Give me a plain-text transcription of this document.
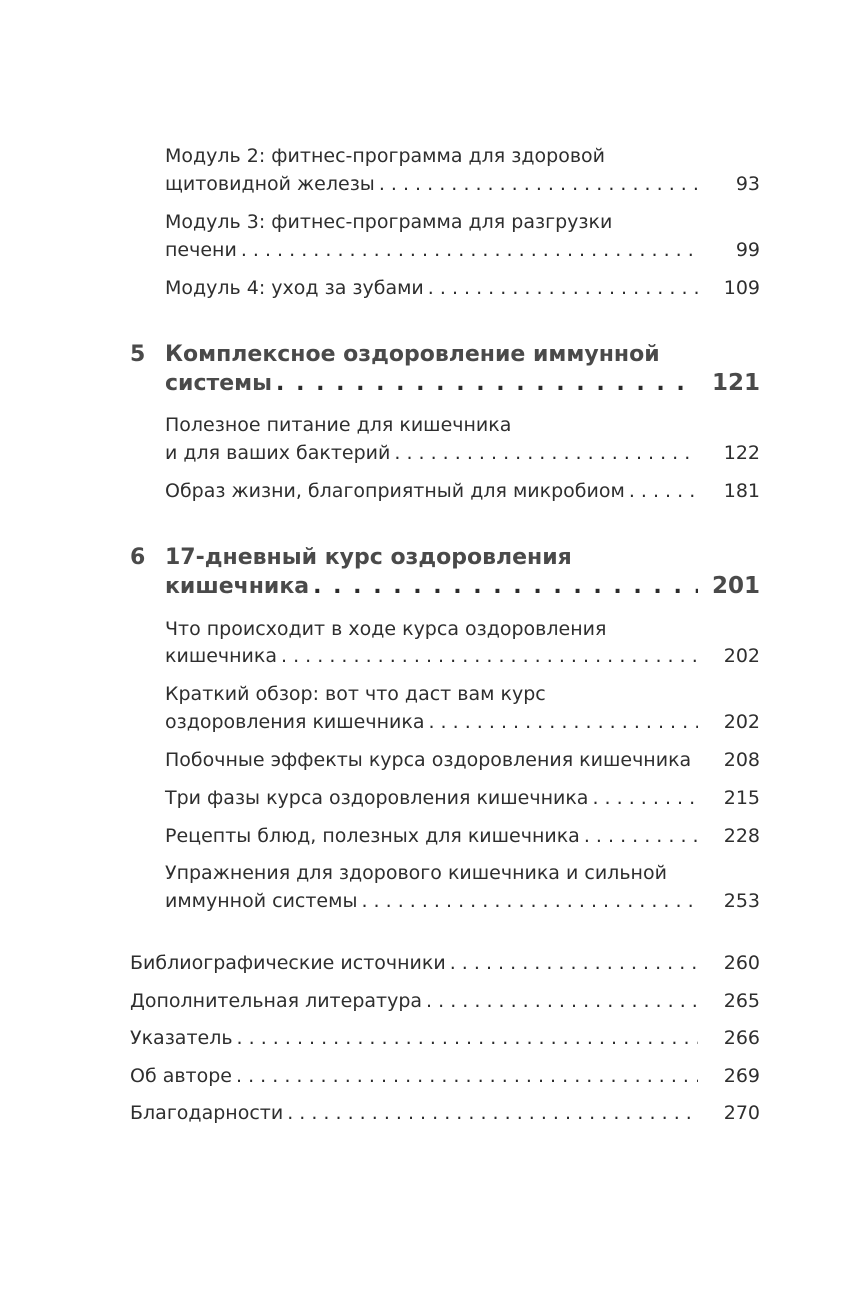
Модуль 2: фитнес-программа для здоровой
щитовидной железы . . .	93
Модуль 3: фитнес-программа для разгрузки
печени . . .	99
Модуль 4: уход за зубами . . .	109
5 Комплексное оздоровление иммунной
системы . . .	121
Полезное питание для кишечника
и для ваших бактерий . . .	122
Образ жизни, благоприятный для микробиом . . .	181
6 17-дневный курс оздоровления
кишечника . . .	201
Что происходит в ходе курса оздоровления
кишечника . . .	202
Краткий обзор: вот что даст вам курс
оздоровления кишечника . . .	202
Побочные эффекты курса оздоровления кишечника	208
Три фазы курса оздоровления кишечника . . .	215
Рецепты блюд, полезных для кишечника . . .	228
Упражнения для здорового кишечника и сильной
иммунной системы . . .	253
Библиографические источники . . .	260
Дополнительная литература . . .	265
Указатель . . .	266
Об авторе . . .	269
Благодарности . . .	270
